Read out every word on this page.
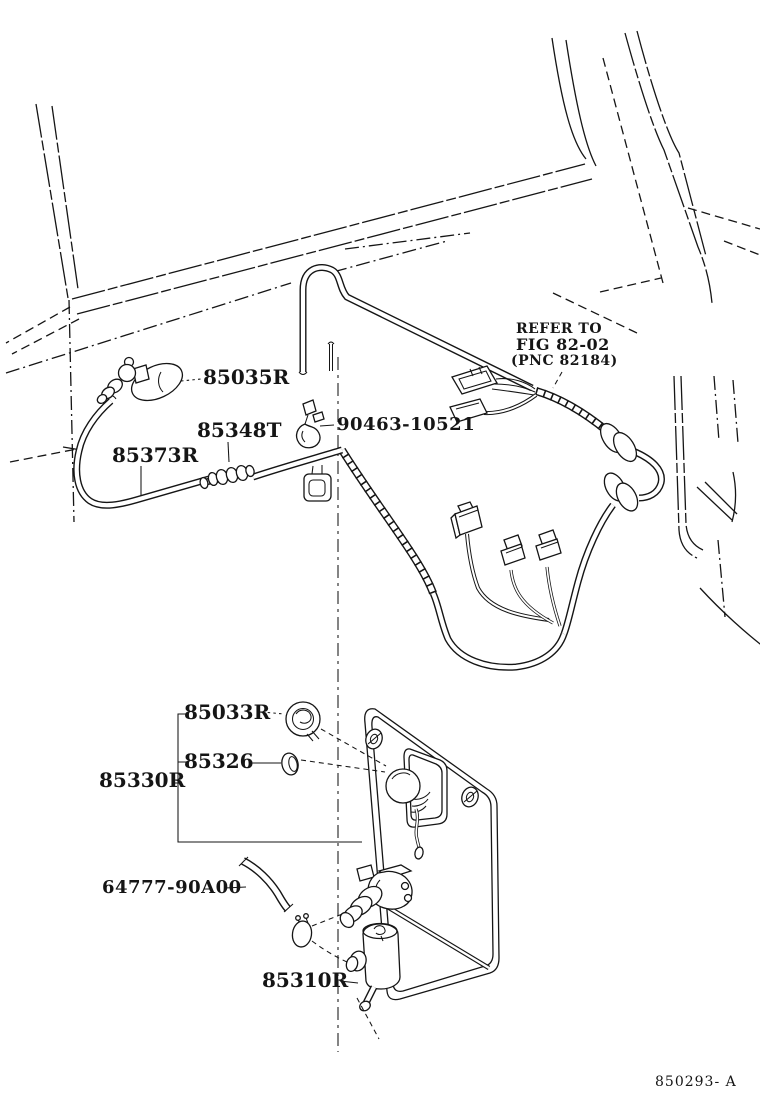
85035R
85348T	90463-10521
85373R
85033R
85326
85330R
64777-90A00
85310R
REFER TO
FIG 82-02
(PNC 82184)
850293- A
